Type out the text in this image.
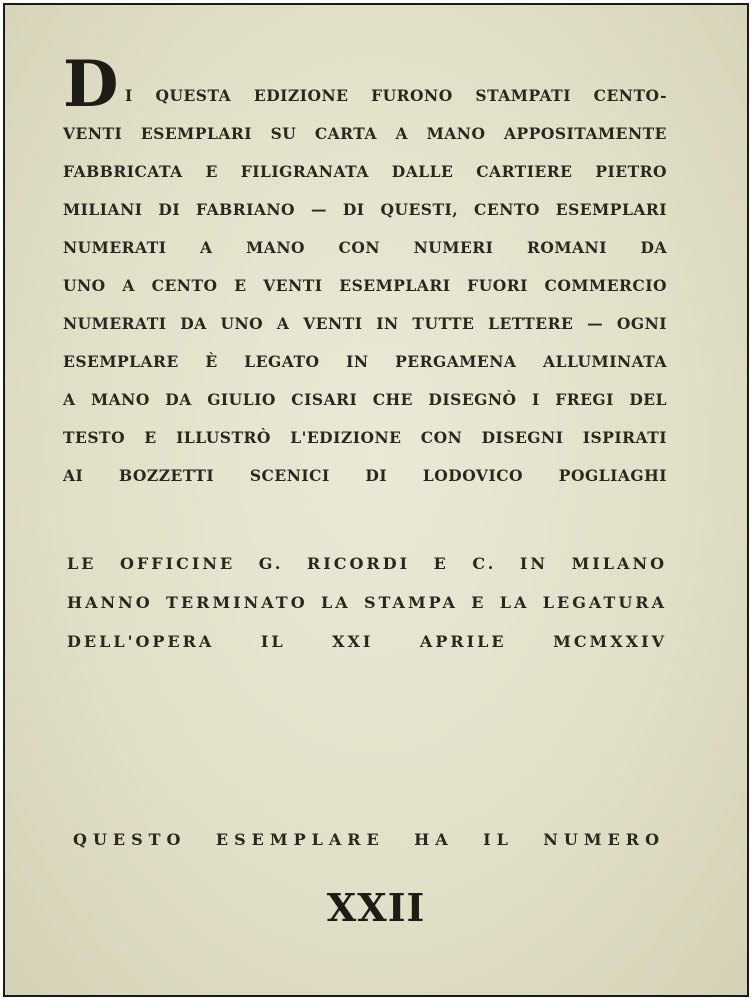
D I QUESTA EDIZIONE FURONO STAMPATI CENTO-
VENTI ESEMPLARI SU CARTA A MANO APPOSITAMENTE
FABBRICATA E FILIGRANATA DALLE CARTIERE PIETRO
MILIANI DI FABRIANO — DI QUESTI, CENTO ESEMPLARI
NUMERATI A MANO CON NUMERI ROMANI DA
UNO A CENTO E VENTI ESEMPLARI FUORI COMMERCIO
NUMERATI DA UNO A VENTI IN TUTTE LETTERE — OGNI
ESEMPLARE È LEGATO IN PERGAMENA ALLUMINATA
A MANO DA GIULIO CISARI CHE DISEGNÒ I FREGI DEL
TESTO E ILLUSTRÒ L'EDIZIONE CON DISEGNI ISPIRATI
AI BOZZETTI SCENICI DI LODOVICO POGLIAGHI
LE OFFICINE G. RICORDI E C. IN MILANO
HANNO TERMINATO LA STAMPA E LA LEGATURA
DELL'OPERA IL XXI APRILE MCMXXIV
QUESTO ESEMPLARE HA IL NUMERO
XXII
